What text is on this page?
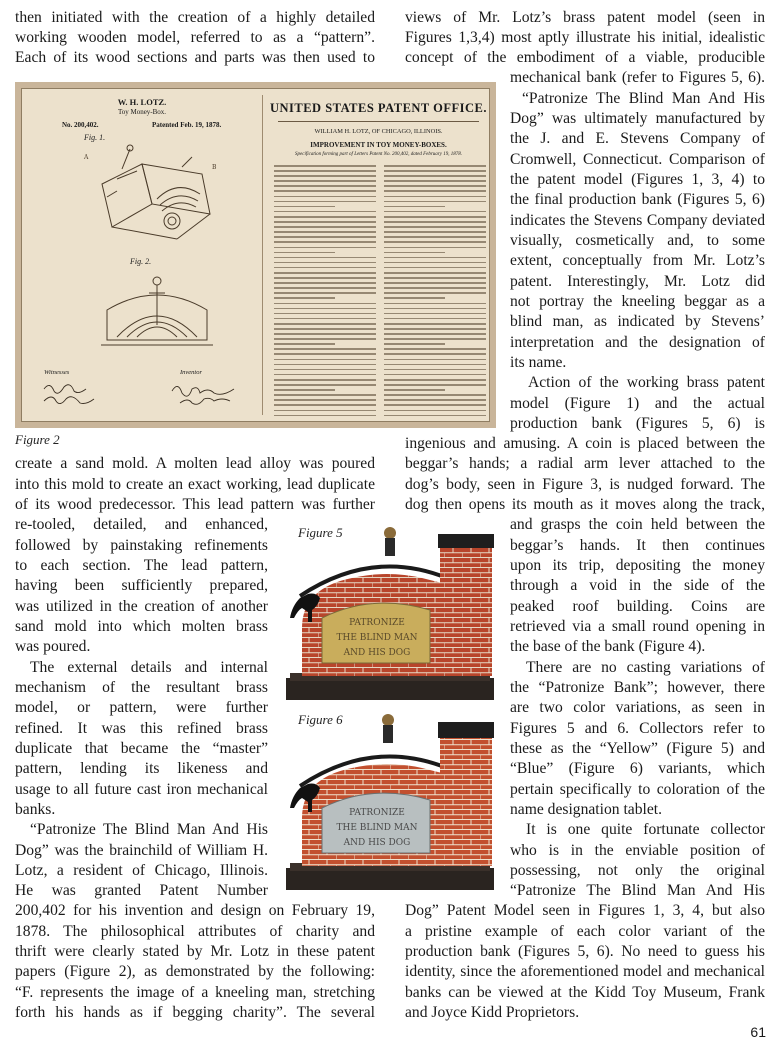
then initiated with the creation of a highly detailed
working wooden model, referred to as a “pattern”.
Each of its wood sections and parts was then used to
views of Mr. Lotz’s brass patent model (seen in
Figures 1,3,4) most aptly illustrate his initial, idealistic
concept of the embodiment of a viable, producible
W. H. LOTZ.
Toy Money-Box.
No. 200,402.	Patented Feb. 19, 1878.
Fig. 1.
Fig. 2.
A
B
Witnesses	Inventor
UNITED STATES PATENT OFFICE.
WILLIAM H. LOTZ, OF CHICAGO, ILLINOIS.
IMPROVEMENT IN TOY MONEY-BOXES.
Specification forming part of Letters Patent No. 200,402, dated February 19, 1878.
Figure 2
mechanical bank (refer to Figures 5, 6).
“Patronize The Blind Man And His
Dog” was ultimately manufactured by
the J. and E. Stevens Company of
Cromwell, Connecticut. Comparison of
the patent model (Figures 1, 3, 4) to
the final production bank (Figures 5, 6)
indicates the Stevens Company deviated
visually, cosmetically and, to some
extent, conceptually from Mr. Lotz’s
patent. Interestingly, Mr. Lotz did
not portray the kneeling beggar as a
blind man, as indicated by Stevens’
interpretation and the designation of
its name.
Action of the working brass patent
model (Figure 1) and the actual
production bank (Figures 5, 6) is
ingenious and amusing. A coin is placed between the
beggar’s hands; a radial arm lever attached to the
dog’s body, seen in Figure 3, is nudged forward. The
dog then opens its mouth as it moves along the track,
create a sand mold. A molten lead alloy was poured
into this mold to create an exact working, lead duplicate
of its wood predecessor. This lead pattern was further
re-tooled, detailed, and enhanced,
followed by painstaking refinements
to each section. The lead pattern,
having been sufficiently prepared,
was utilized in the creation of another
sand mold into which molten brass
was poured.
The external details and internal
mechanism of the resultant brass
model, or pattern, were further
refined. It was this refined brass
duplicate that became the “master”
pattern, lending its likeness and
usage to all future cast iron mechanical
banks.
“Patronize The Blind Man And His
Dog” was the brainchild of William H.
Lotz, a resident of Chicago, Illinois.
He was granted Patent Number
and grasps the coin held between the
beggar’s hands. It then continues
upon its trip, depositing the money
through a void in the side of the
peaked roof building. Coins are
retrieved via a small round opening in
the base of the bank (Figure 4).
There are no casting variations of
the “Patronize Bank”; however, there
are two color variations, as seen in
Figures 5 and 6. Collectors refer to
these as the “Yellow” (Figure 5) and
“Blue” (Figure 6) variants, which
pertain specifically to coloration of the
name designation tablet.
It is one quite fortunate collector
who is in the enviable position of
possessing, not only the original
“Patronize The Blind Man And His
200,402 for his invention and design on February 19,
1878. The philosophical attributes of charity and
thrift were clearly stated by Mr. Lotz in these patent
papers (Figure 2), as demonstrated by the following:
“F. represents the image of a kneeling man, stretching
forth his hands as if begging charity”. The several
Dog” Patent Model seen in Figures 1, 3, 4, but also
a pristine example of each color variant of the
production bank (Figures 5, 6). No need to guess his
identity, since the aforementioned model and mechanical
banks can be viewed at the Kidd Toy Museum, Frank
and Joyce Kidd Proprietors.
Figure 5
Figure 6
PATRONIZE
THE BLIND MAN
AND HIS DOG
PATRONIZE
THE BLIND MAN
AND HIS DOG
61
